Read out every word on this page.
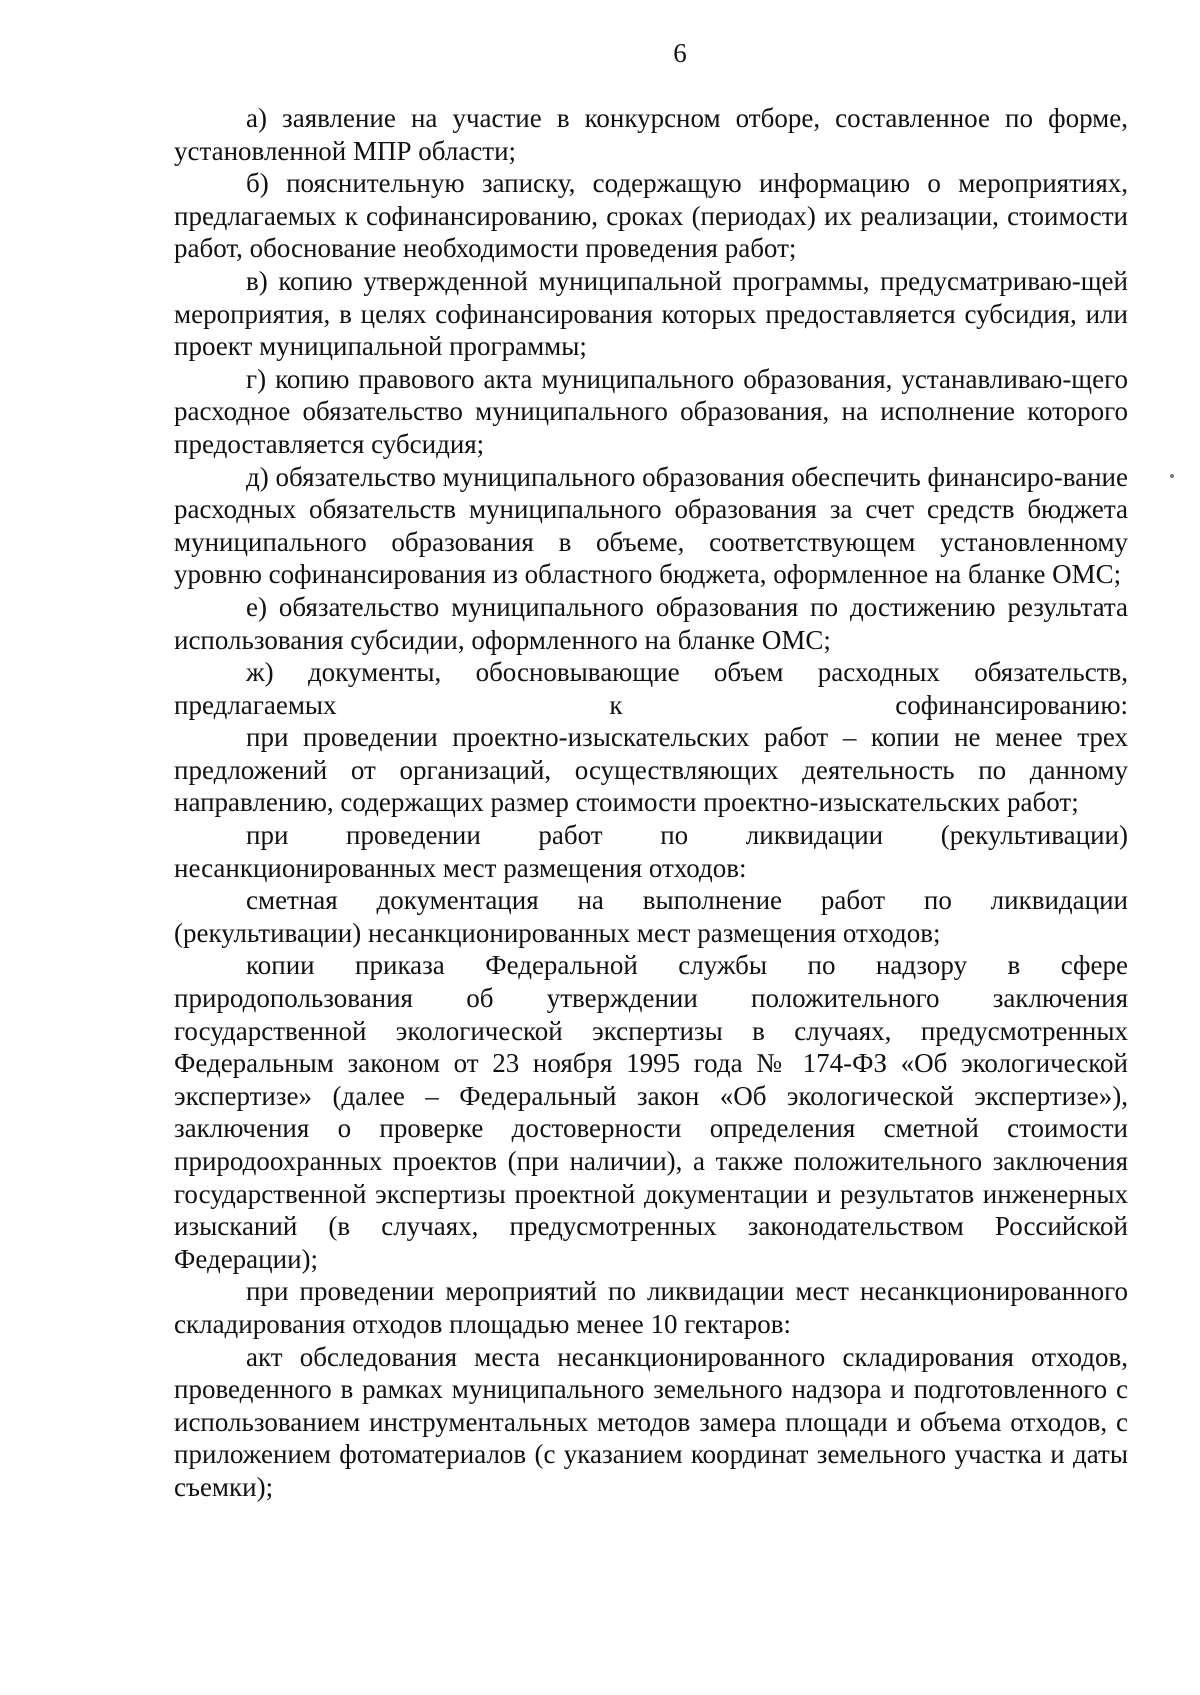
6

а) заявление на участие в конкурсном отборе, составленное по форме, установленной МПР области;

б) пояснительную записку, содержащую информацию о мероприятиях, предлагаемых к софинансированию, сроках (периодах) их реализации, стоимости работ, обоснование необходимости проведения работ;

в) копию утвержденной муниципальной программы, предусматриваю-щей мероприятия, в целях софинансирования которых предоставляется субсидия, или проект муниципальной программы;

г) копию правового акта муниципального образования, устанавливаю-щего расходное обязательство муниципального образования, на исполнение которого предоставляется субсидия;

д) обязательство муниципального образования обеспечить финансиро-вание расходных обязательств муниципального образования за счет средств бюджета муниципального образования в объеме, соответствующем установленному уровню софинансирования из областного бюджета, оформленное на бланке ОМС;

е) обязательство муниципального образования по достижению результата использования субсидии, оформленного на бланке ОМС;

ж) документы, обосновывающие объем расходных обязательств, предлагаемых к софинансированию:

при проведении проектно-изыскательских работ – копии не менее трех предложений от организаций, осуществляющих деятельность по данному направлению, содержащих размер стоимости проектно-изыскательских работ;

при проведении работ по ликвидации (рекультивации) несанкционированных мест размещения отходов:

сметная документация на выполнение работ по ликвидации (рекультивации) несанкционированных мест размещения отходов;

копии приказа Федеральной службы по надзору в сфере природопользования об утверждении положительного заключения государственной экологической экспертизы в случаях, предусмотренных Федеральным законом от 23 ноября 1995 года № 174-ФЗ «Об экологической экспертизе» (далее – Федеральный закон «Об экологической экспертизе»), заключения о проверке достоверности определения сметной стоимости природоохранных проектов (при наличии), а также положительного заключения государственной экспертизы проектной документации и результатов инженерных изысканий (в случаях, предусмотренных законодательством Российской Федерации);

при проведении мероприятий по ликвидации мест несанкционированного складирования отходов площадью менее 10 гектаров:

акт обследования места несанкционированного складирования отходов, проведенного в рамках муниципального земельного надзора и подготовленного с использованием инструментальных методов замера площади и объема отходов, с приложением фотоматериалов (с указанием координат земельного участка и даты съемки);
